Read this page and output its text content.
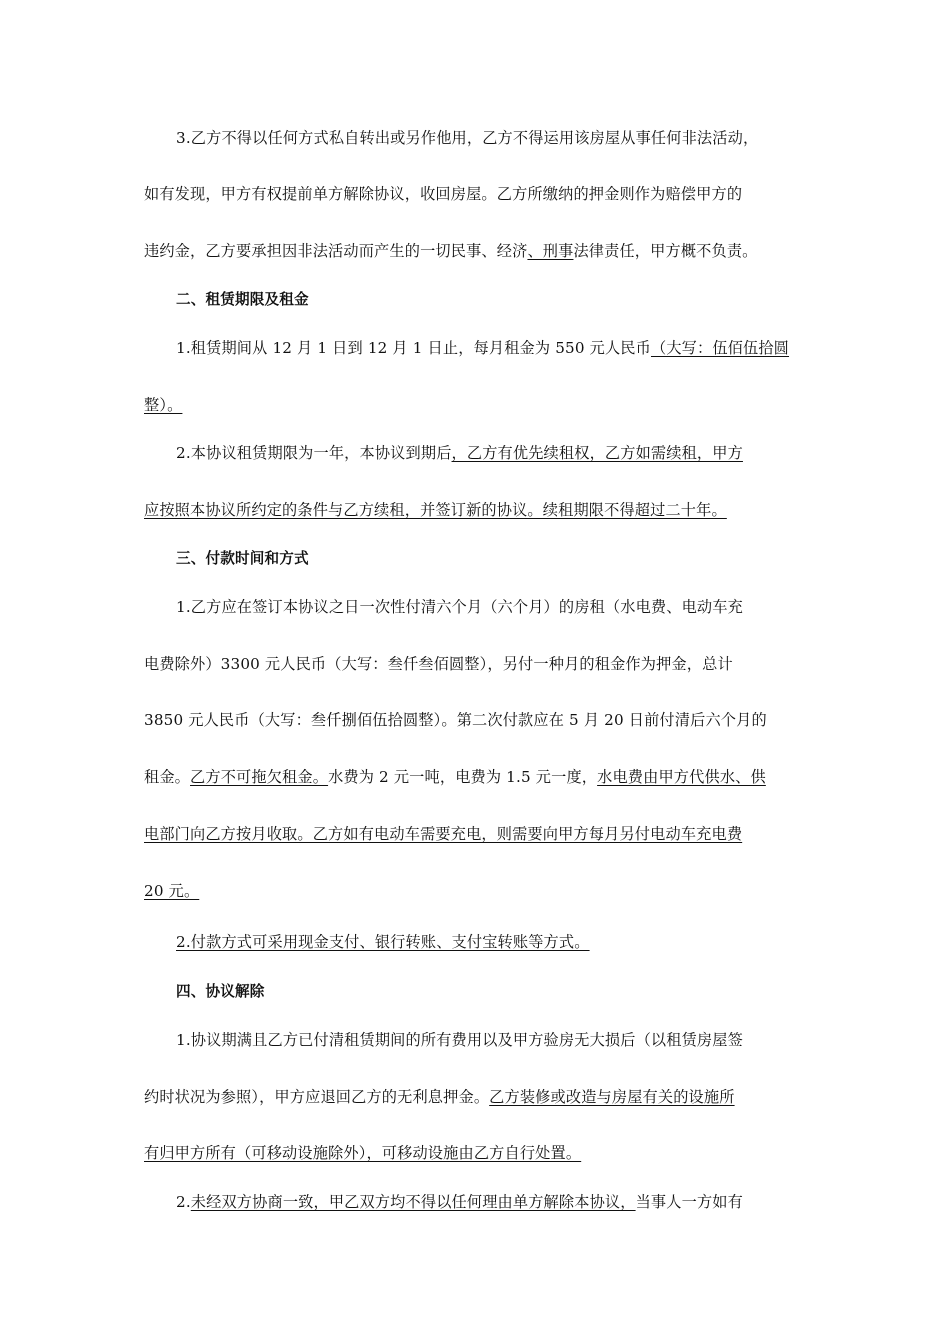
3.乙方不得以任何方式私自转出或另作他用，乙方不得运用该房屋从事任何非法活动，
如有发现，甲方有权提前单方解除协议，收回房屋。乙方所缴纳的押金则作为赔偿甲方的
违约金，乙方要承担因非法活动而产生的一切民事、经济、刑事法律责任，甲方概不负责。
二、租赁期限及租金
1.租赁期间从 12 月 1 日到 12 月 1 日止，每月租金为 550 元人民币（大写：伍佰伍拾圆
整）。
2.本协议租赁期限为一年，本协议到期后，乙方有优先续租权，乙方如需续租，甲方
应按照本协议所约定的条件与乙方续租，并签订新的协议。续租期限不得超过二十年。
三、付款时间和方式
1.乙方应在签订本协议之日一次性付清六个月（六个月）的房租（水电费、电动车充
电费除外）3300 元人民币（大写：叁仟叁佰圆整），另付一种月的租金作为押金，总计
3850 元人民币（大写：叁仟捌佰伍拾圆整）。第二次付款应在 5 月 20 日前付清后六个月的
租金。乙方不可拖欠租金。水费为 2 元一吨，电费为 1.5 元一度，水电费由甲方代供水、供
电部门向乙方按月收取。乙方如有电动车需要充电，则需要向甲方每月另付电动车充电费
20 元。
2.付款方式可采用现金支付、银行转账、支付宝转账等方式。
四、协议解除
1.协议期满且乙方已付清租赁期间的所有费用以及甲方验房无大损后（以租赁房屋签
约时状况为参照），甲方应退回乙方的无利息押金。乙方装修或改造与房屋有关的设施所
有归甲方所有（可移动设施除外），可移动设施由乙方自行处置。
2.未经双方协商一致，甲乙双方均不得以任何理由单方解除本协议，当事人一方如有
